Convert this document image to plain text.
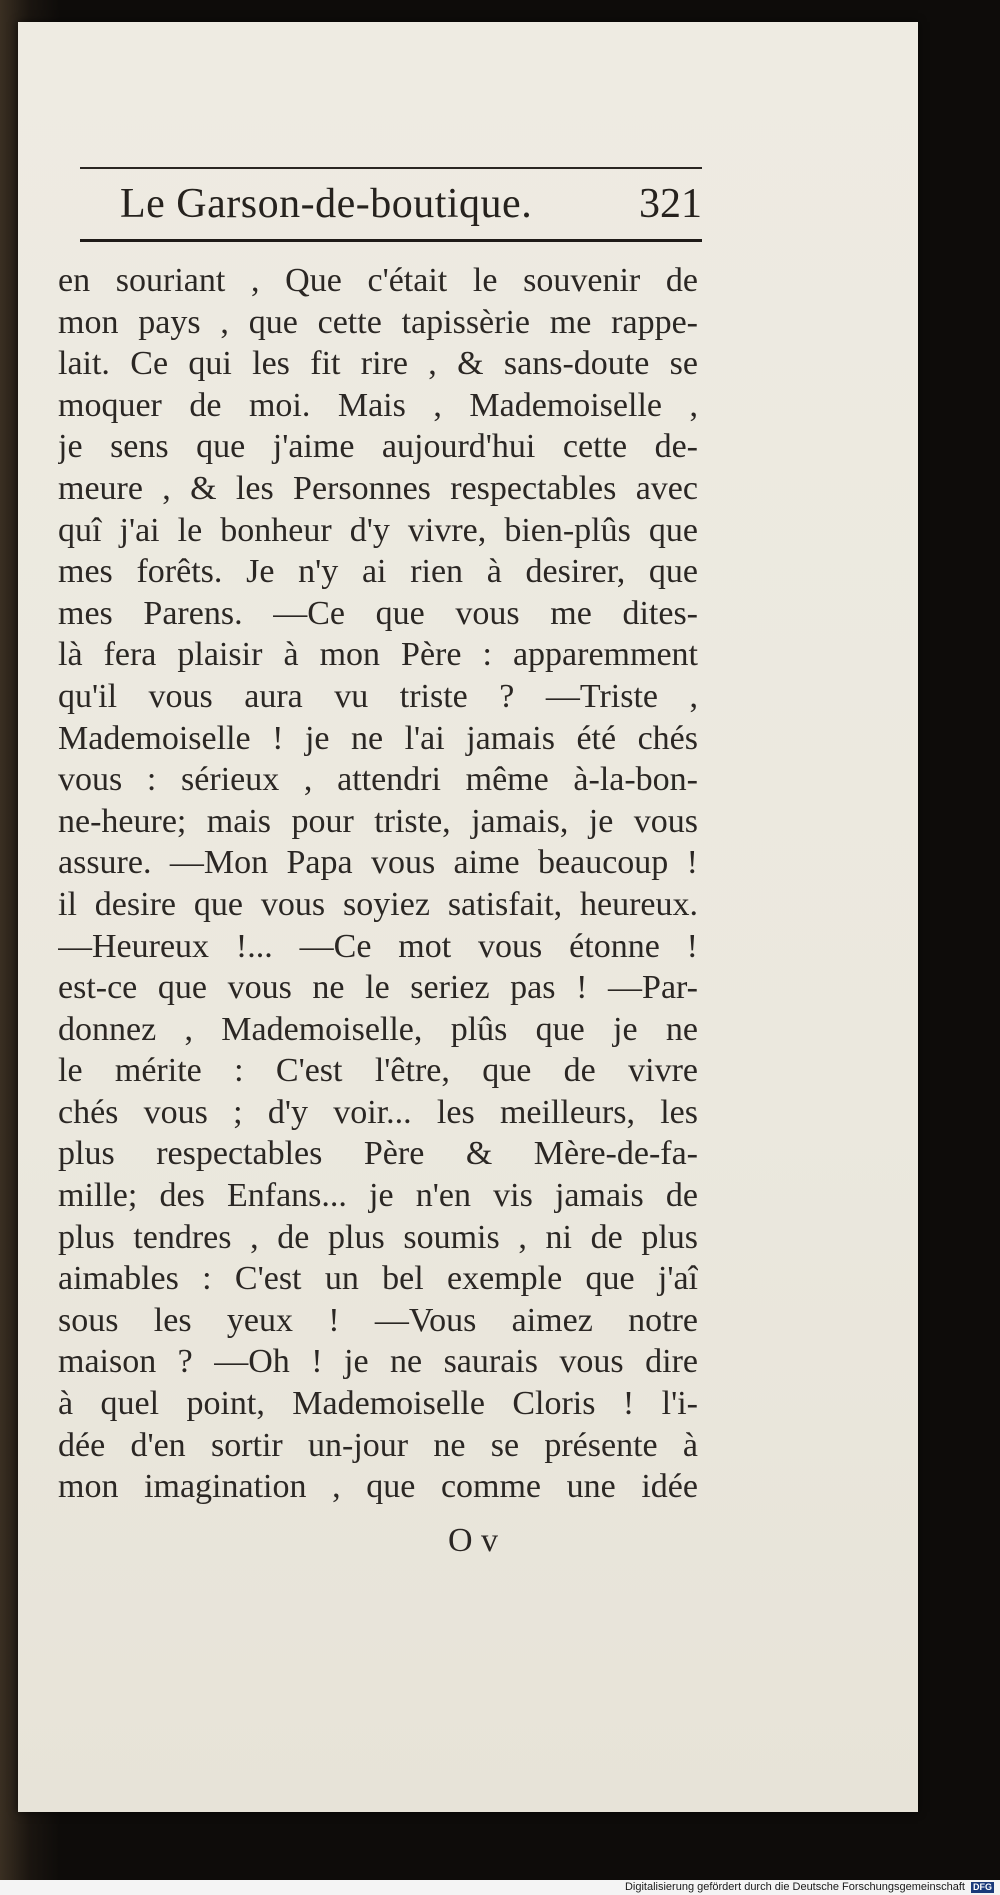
Le Garson-de-boutique.	321
en souriant , Que c'était le souvenir de
mon pays , que cette tapissèrie me rappe-
lait. Ce qui les fit rire , & sans-doute se
moquer de moi. Mais , Mademoiselle ,
je sens que j'aime aujourd'hui cette de-
meure , & les Personnes respectables avec
quî j'ai le bonheur d'y vivre, bien-plûs que
mes forêts. Je n'y ai rien à desirer, que
mes Parens. —Ce que vous me dites-
là fera plaisir à mon Père : apparemment
qu'il vous aura vu triste ? —Triste ,
Mademoiselle ! je ne l'ai jamais été chés
vous : sérieux , attendri même à-la-bon-
ne-heure; mais pour triste, jamais, je vous
assure. —Mon Papa vous aime beaucoup !
il desire que vous soyiez satisfait, heureux.
—Heureux !... —Ce mot vous étonne !
est-ce que vous ne le seriez pas ! —Par-
donnez , Mademoiselle, plûs que je ne
le mérite : C'est l'être, que de vivre
chés vous ; d'y voir... les meilleurs, les
plus respectables Père & Mère-de-fa-
mille; des Enfans... je n'en vis jamais de
plus tendres , de plus soumis , ni de plus
aimables : C'est un bel exemple que j'aî
sous les yeux ! —Vous aimez notre
maison ? —Oh ! je ne saurais vous dire
à quel point, Mademoiselle Cloris ! l'i-
dée d'en sortir un-jour ne se présente à
mon imagination , que comme une idée
O v
Digitalisierung gefördert durch die Deutsche Forschungsgemeinschaft DFG
